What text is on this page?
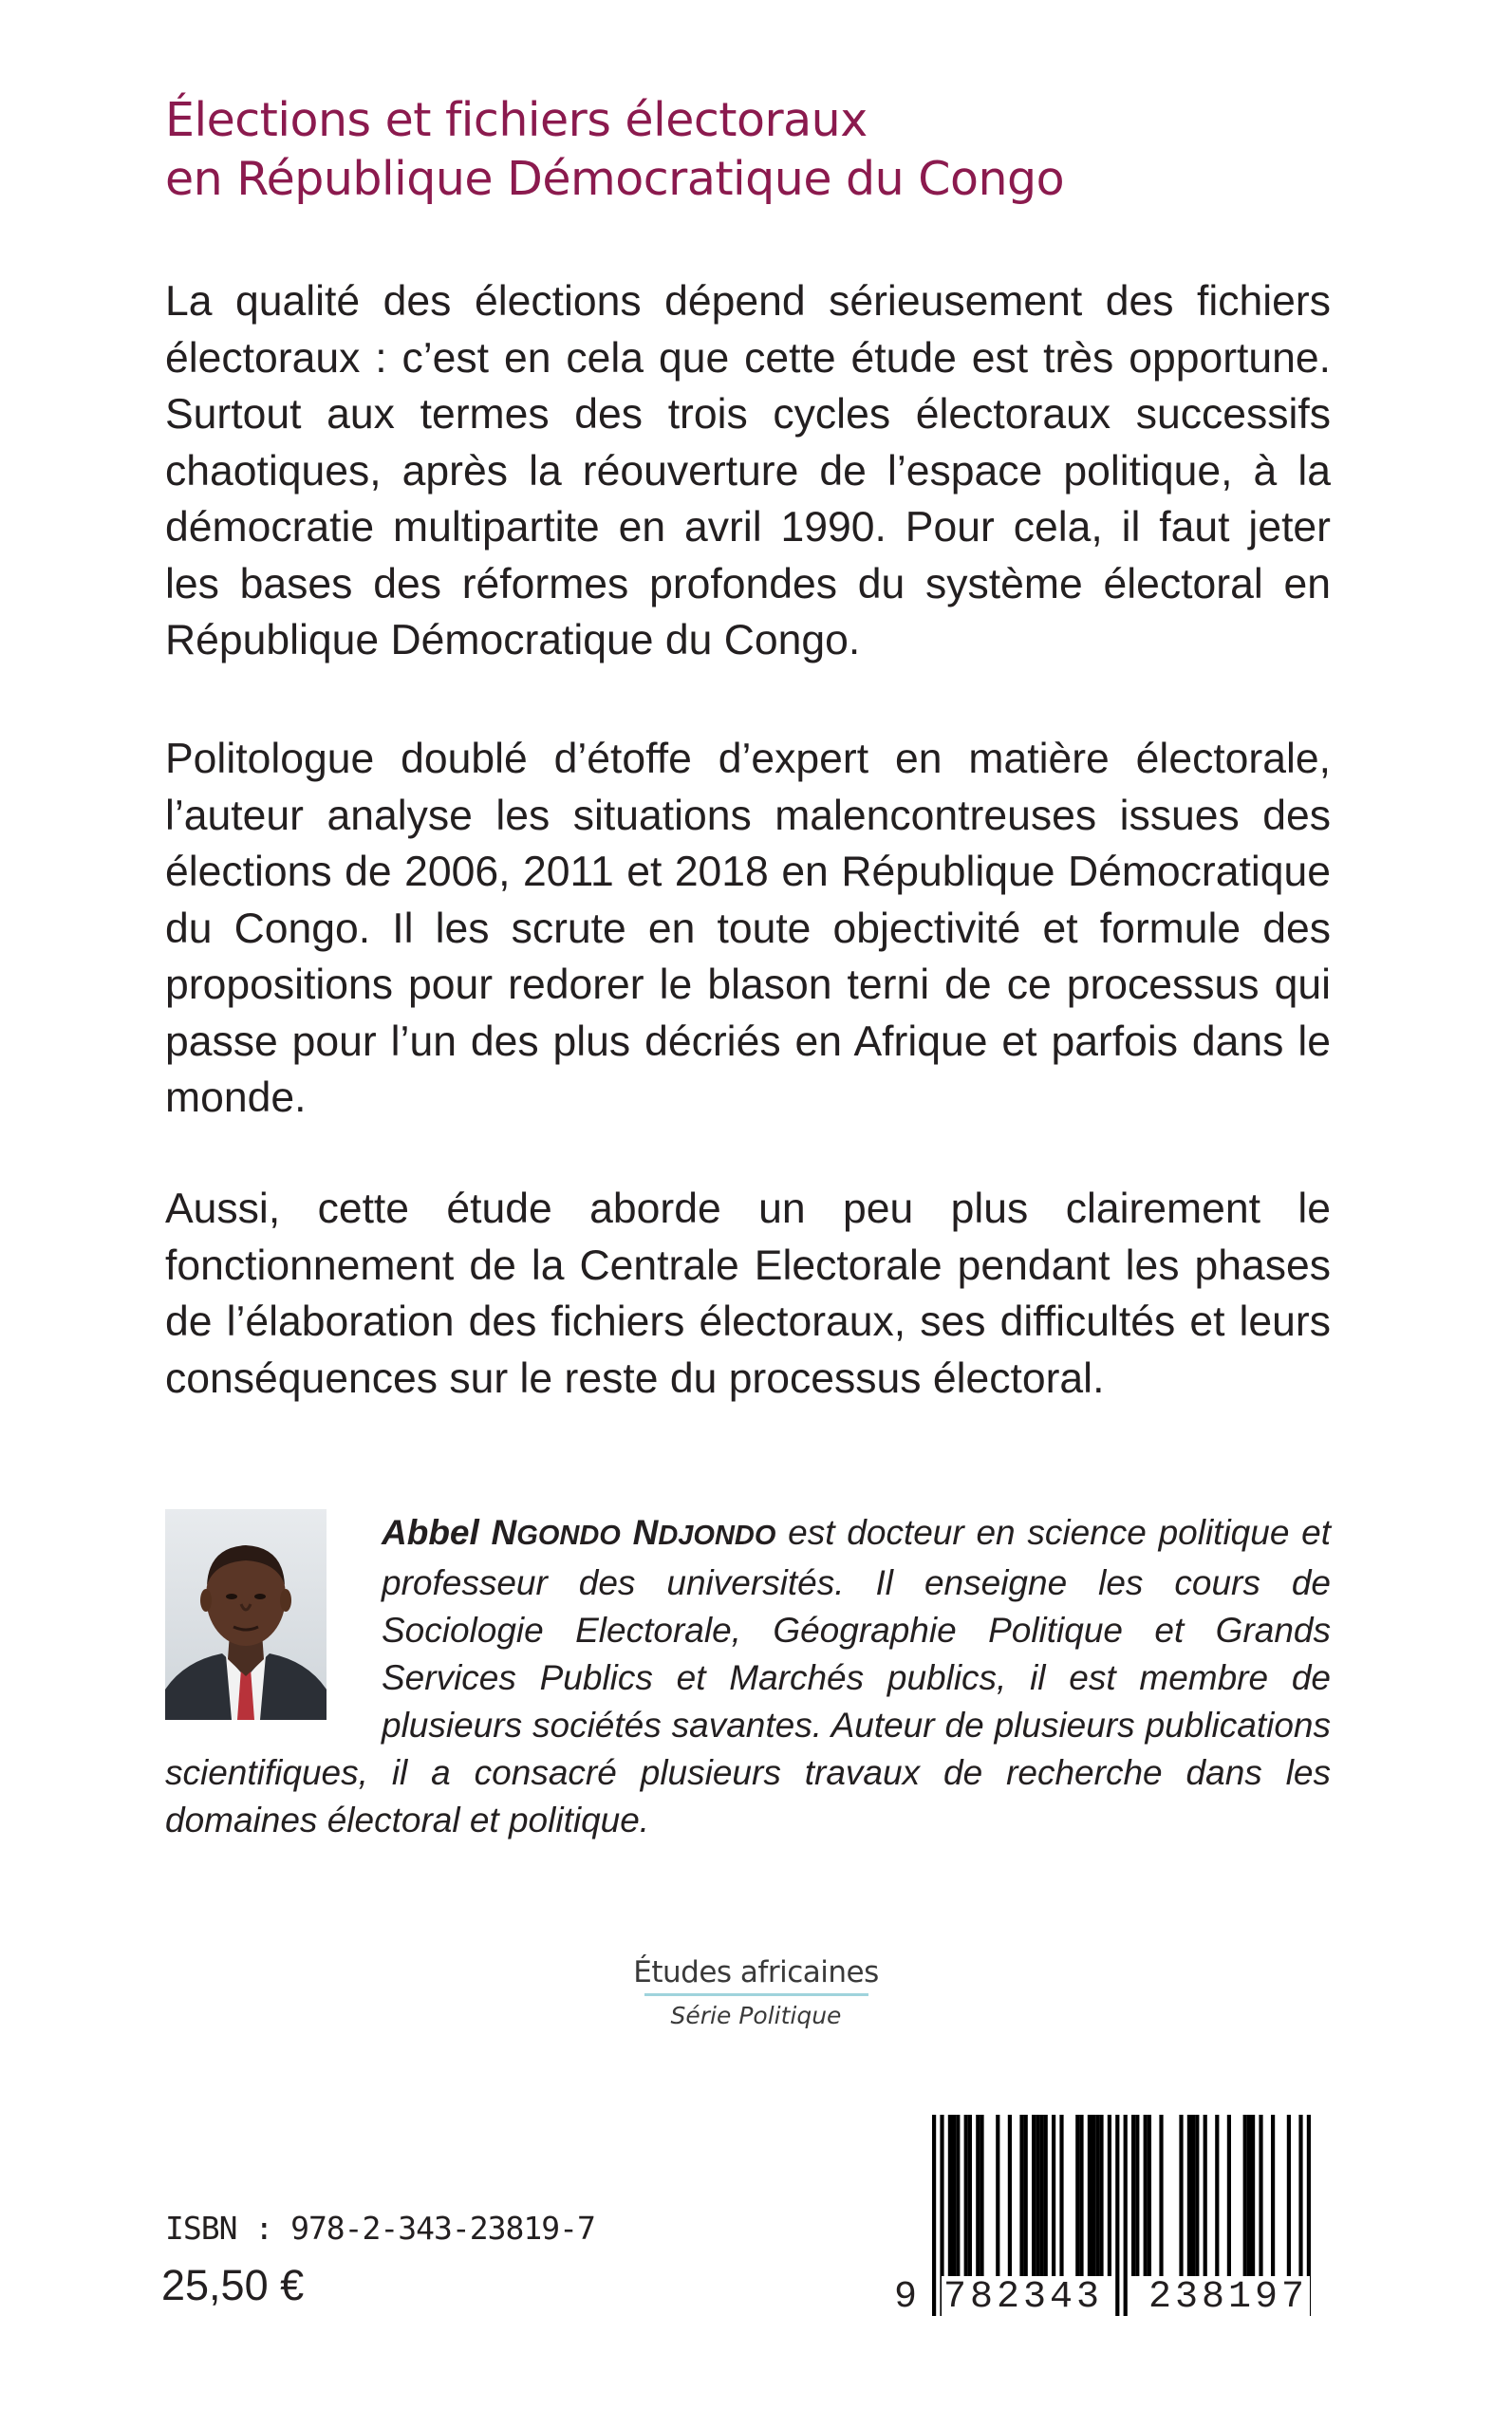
Élections et fichiers électoraux
en République Démocratique du Congo

La qualité des élections dépend sérieusement des fichiers électoraux : c’est en cela que cette étude est très opportune. Surtout aux termes des trois cycles électoraux successifs chaotiques, après la réouverture de l’espace politique, à la démocratie multipartite en avril 1990. Pour cela, il faut jeter les bases des réformes profondes du système électoral en République Démocratique du Congo.

Politologue doublé d’étoffe d’expert en matière électorale, l’auteur analyse les situations malencontreuses issues des élections de 2006, 2011 et 2018 en République Démocratique du Congo. Il les scrute en toute objectivité et formule des propositions pour redorer le blason terni de ce processus qui passe pour l’un des plus décriés en Afrique et parfois dans le monde.

Aussi, cette étude aborde un peu plus clairement le fonctionnement de la Centrale Electorale pendant les phases de l’élaboration des fichiers électoraux, ses difficultés et leurs conséquences sur le reste du processus électoral.

Abbel NGONDO NDJONDO est docteur en science politique et professeur des universités. Il enseigne les cours de Sociologie Electorale, Géographie Politique et Grands Services Publics et Marchés publics, il est membre de plusieurs sociétés savantes. Auteur de plusieurs publications scientifiques, il a consacré plusieurs travaux de recherche dans les domaines électoral et politique.
Études africaines
Série Politique
ISBN : 978-2-343-23819-7
25,50 €	9 782343 238197
